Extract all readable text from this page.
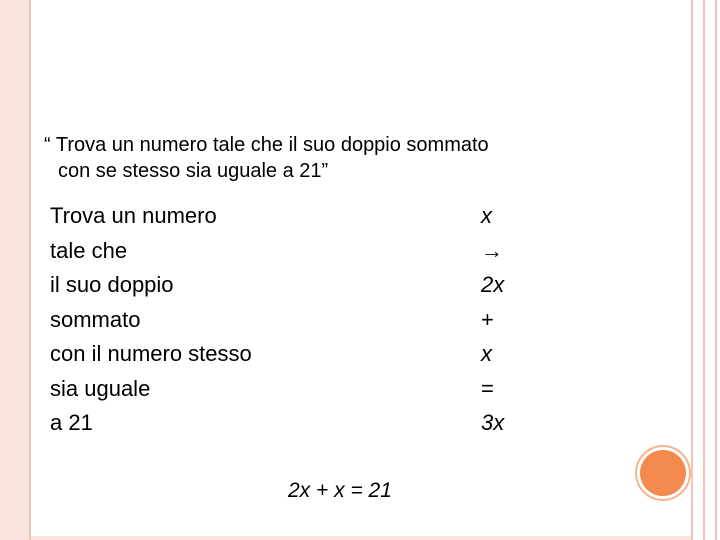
“ Trova un numero tale che il suo doppio sommato
con se stesso sia uguale a 21”
Trova un numero
tale che
il suo doppio
sommato
con il numero stesso
sia uguale
a 21
x
→
2x
+
x
=
3x
2x + x = 21
